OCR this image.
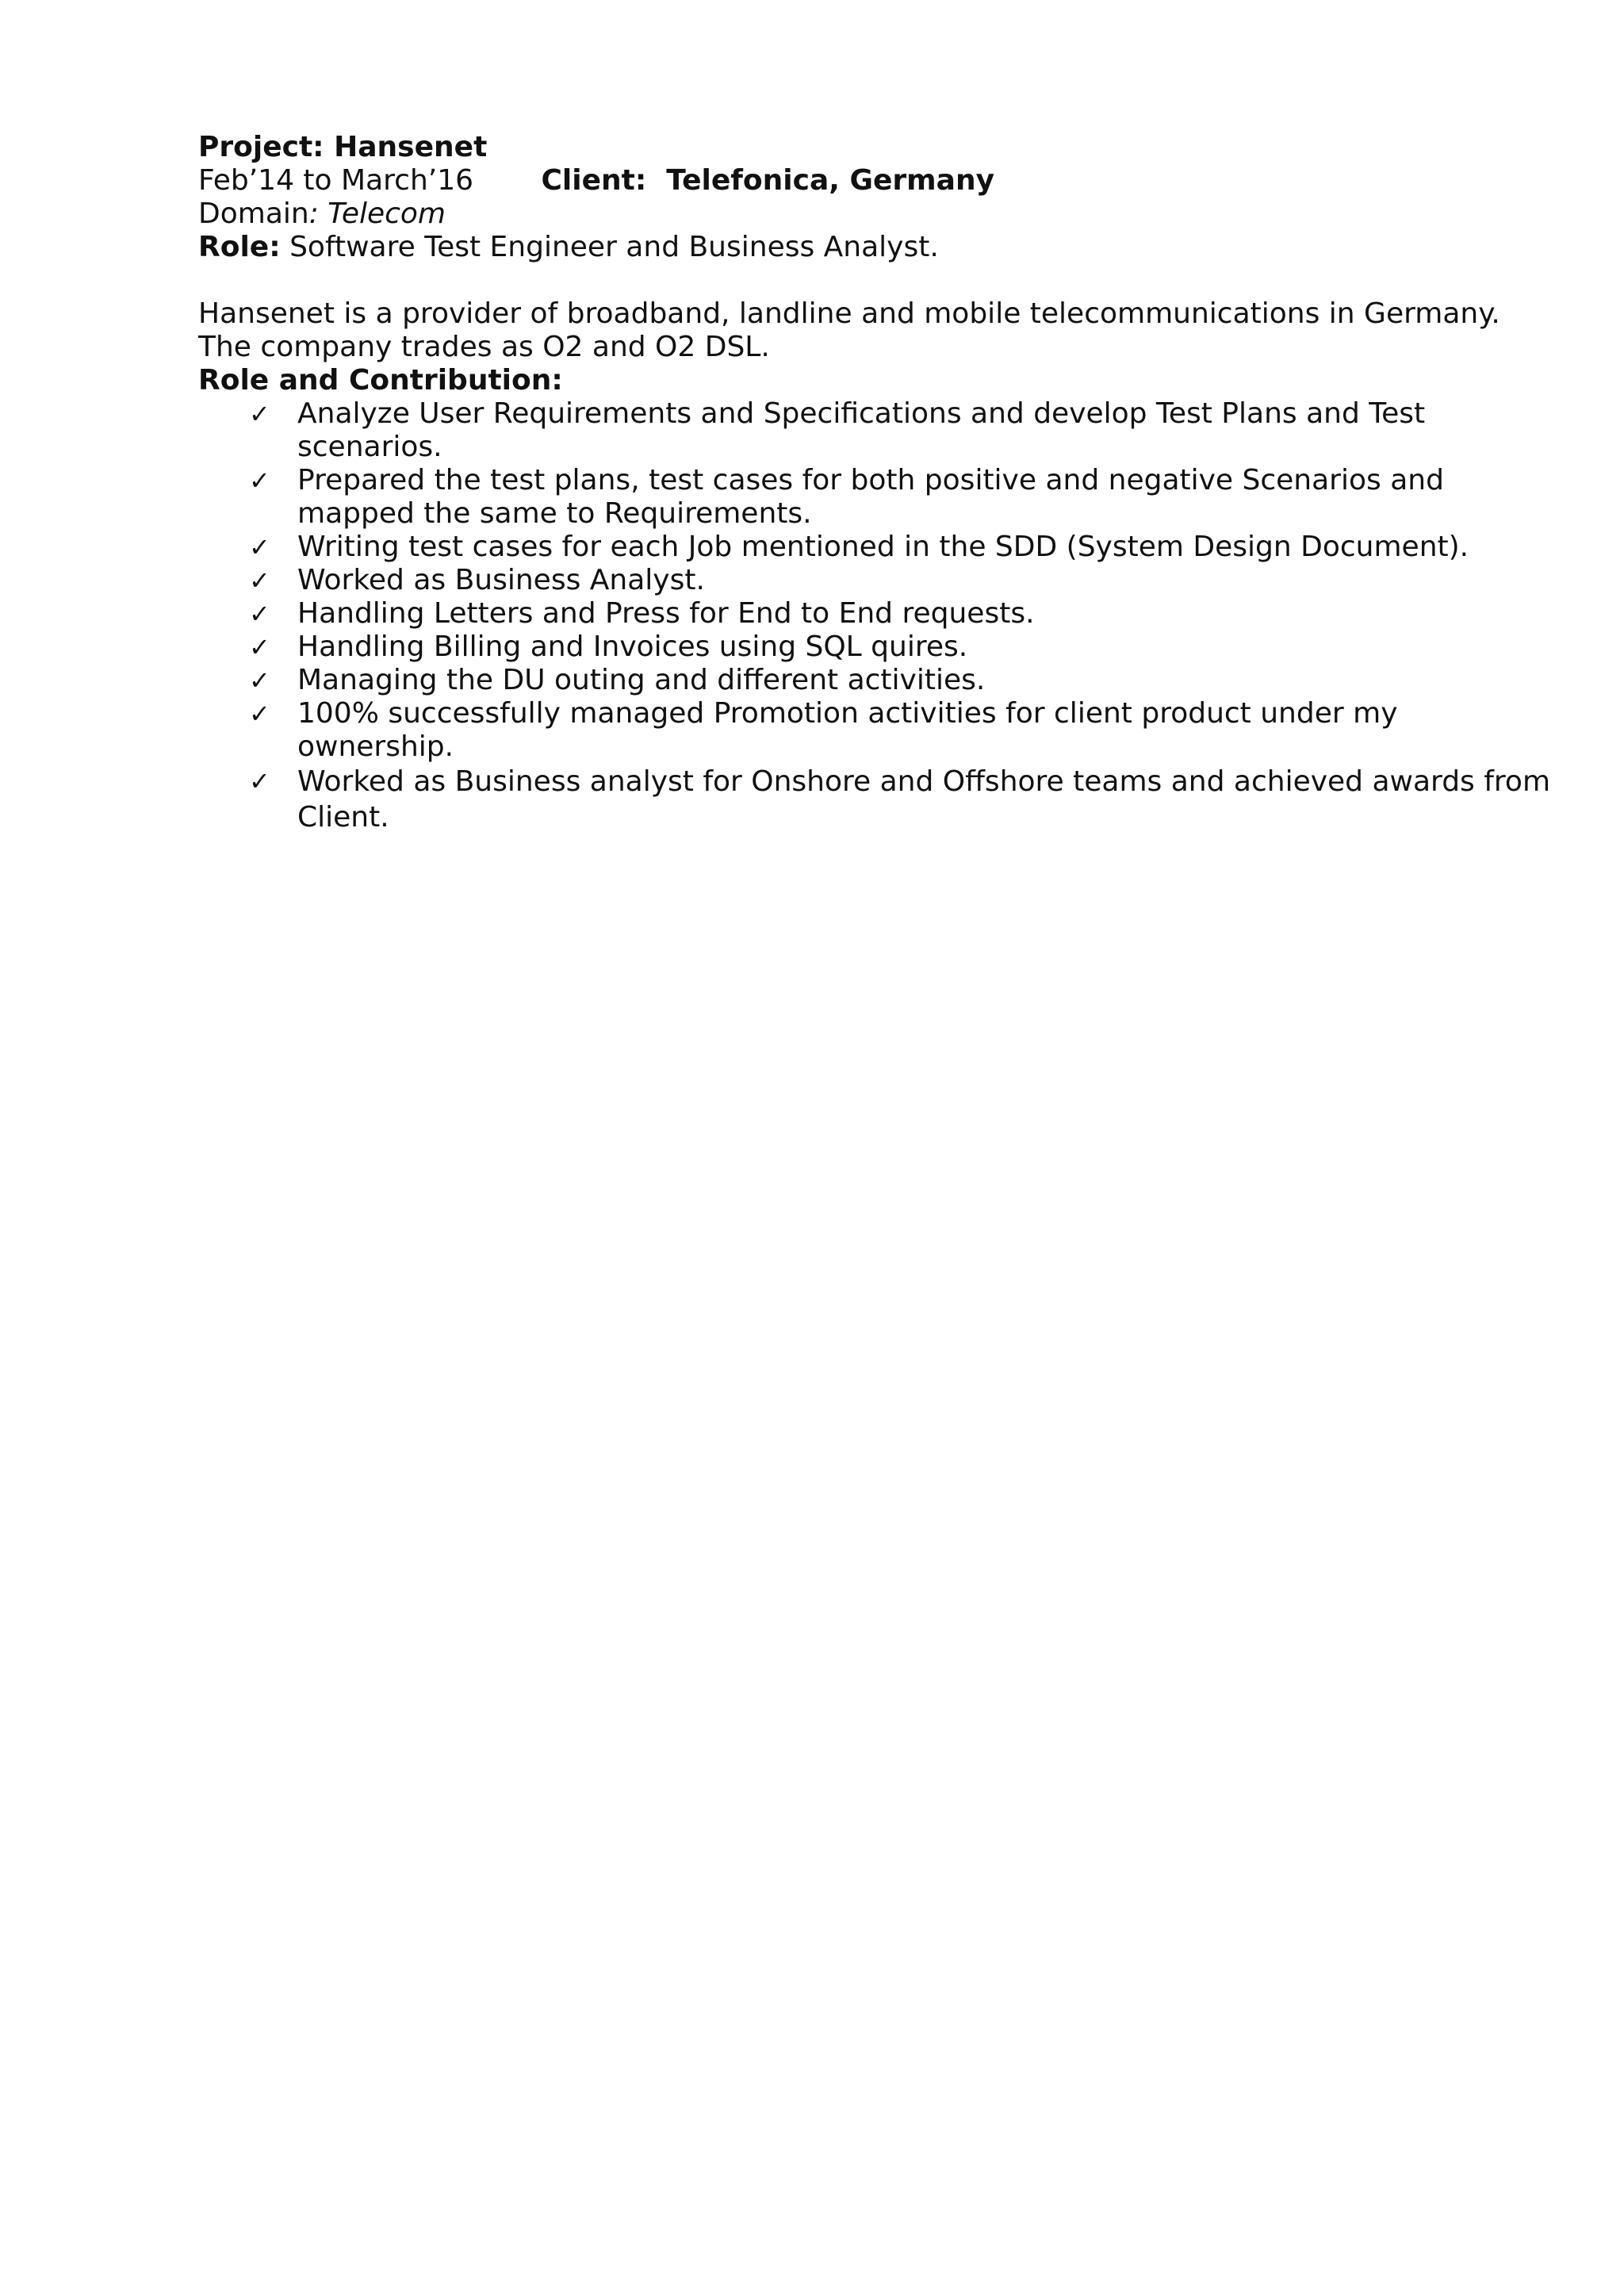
Project: Hansenet
Feb’14 to March’16 Client: Telefonica, Germany
Domain: Telecom
Role: Software Test Engineer and Business Analyst.
Hansenet is a provider of broadband, landline and mobile telecommunications in Germany. The company trades as O2 and O2 DSL.
Role and Contribution:
✓ Analyze User Requirements and Specifications and develop Test Plans and Test scenarios.
✓ Prepared the test plans, test cases for both positive and negative Scenarios and mapped the same to Requirements.
✓ Writing test cases for each Job mentioned in the SDD (System Design Document).
✓ Worked as Business Analyst.
✓ Handling Letters and Press for End to End requests.
✓ Handling Billing and Invoices using SQL quires.
✓ Managing the DU outing and different activities.
✓ 100% successfully managed Promotion activities for client product under my ownership.
✓ Worked as Business analyst for Onshore and Offshore teams and achieved awards from Client.
